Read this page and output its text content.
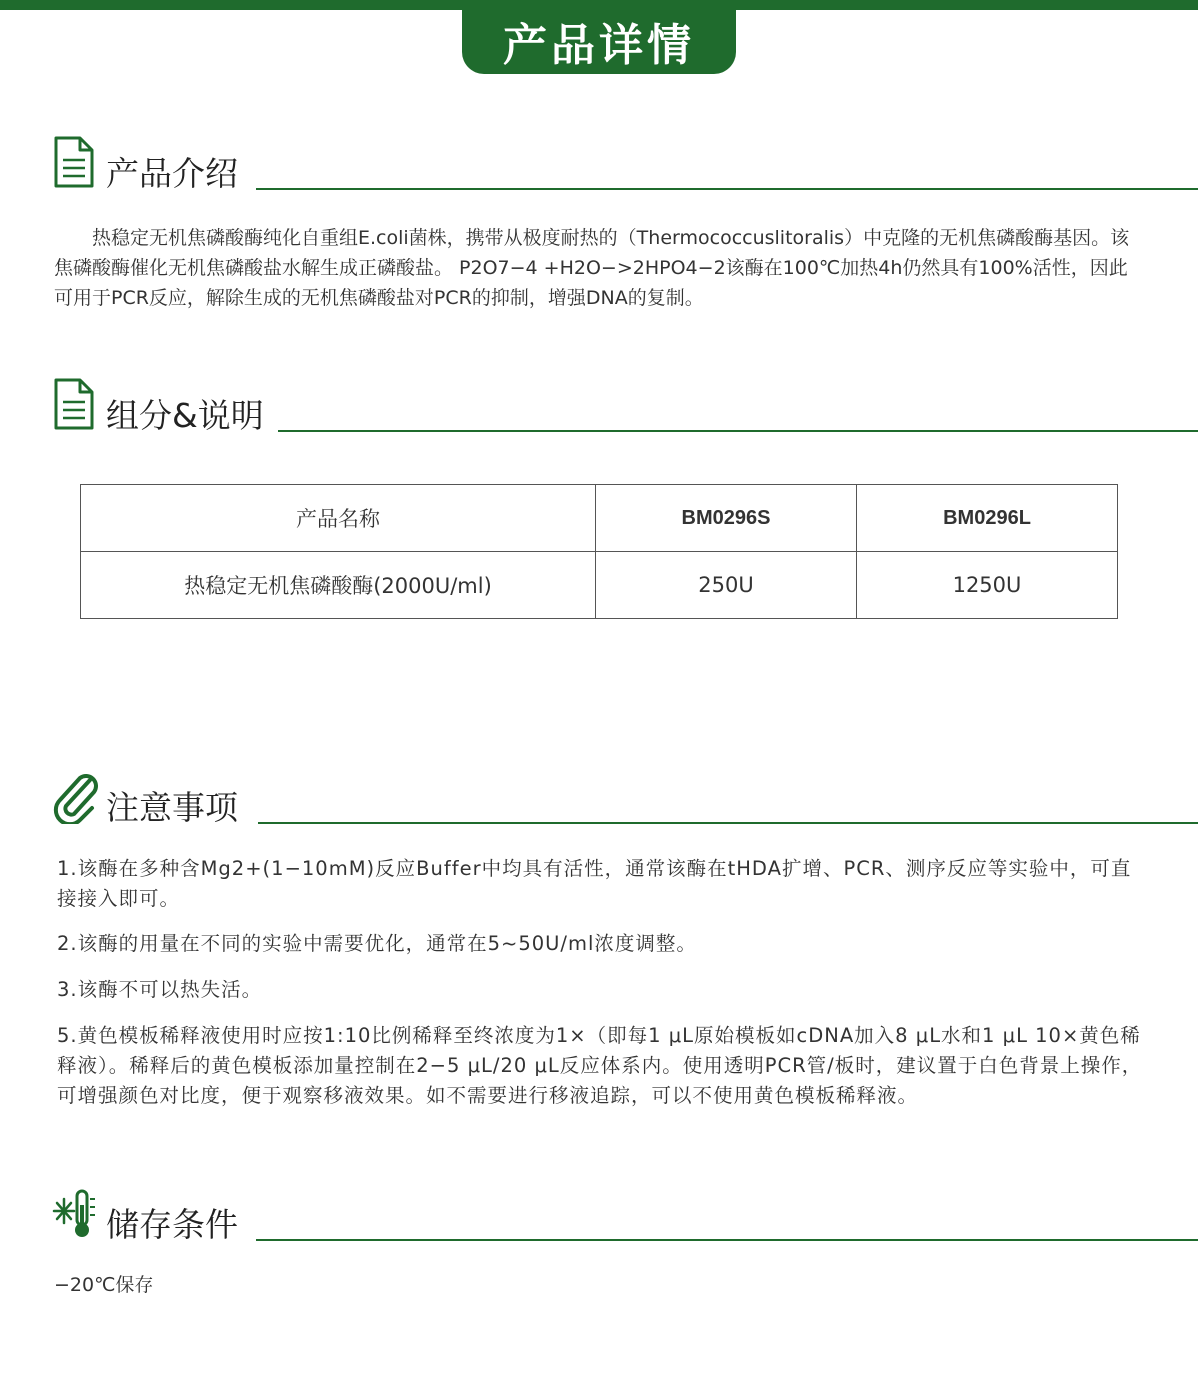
产品详情
产品介绍
热稳定无机焦磷酸酶纯化自重组E.coli菌株，携带从极度耐热的（Thermococcuslitoralis）中克隆的无机焦磷酸酶基因。该焦磷酸酶催化无机焦磷酸盐水解生成正磷酸盐。 P2O7−4 +H2O−>2HPO4−2该酶在100℃加热4h仍然具有100%活性，因此可用于PCR反应，解除生成的无机焦磷酸盐对PCR的抑制，增强DNA的复制。
组分&说明
产品名称	BM0296S	BM0296L
热稳定无机焦磷酸酶(2000U/ml)	250U	1250U
注意事项
1.该酶在多种含Mg2+(1−10mM)反应Buffer中均具有活性，通常该酶在tHDA扩增、PCR、测序反应等实验中，可直接接入即可。
2.该酶的用量在不同的实验中需要优化，通常在5~50U/ml浓度调整。
3.该酶不可以热失活。
5.黄色模板稀释液使用时应按1:10比例稀释至终浓度为1×（即每1 μL原始模板如cDNA加入8 μL水和1 μL 10×黄色稀释液）。稀释后的黄色模板添加量控制在2−5 μL/20 μL反应体系内。使用透明PCR管/板时，建议置于白色背景上操作，可增强颜色对比度，便于观察移液效果。如不需要进行移液追踪，可以不使用黄色模板稀释液。
储存条件
−20℃保存
